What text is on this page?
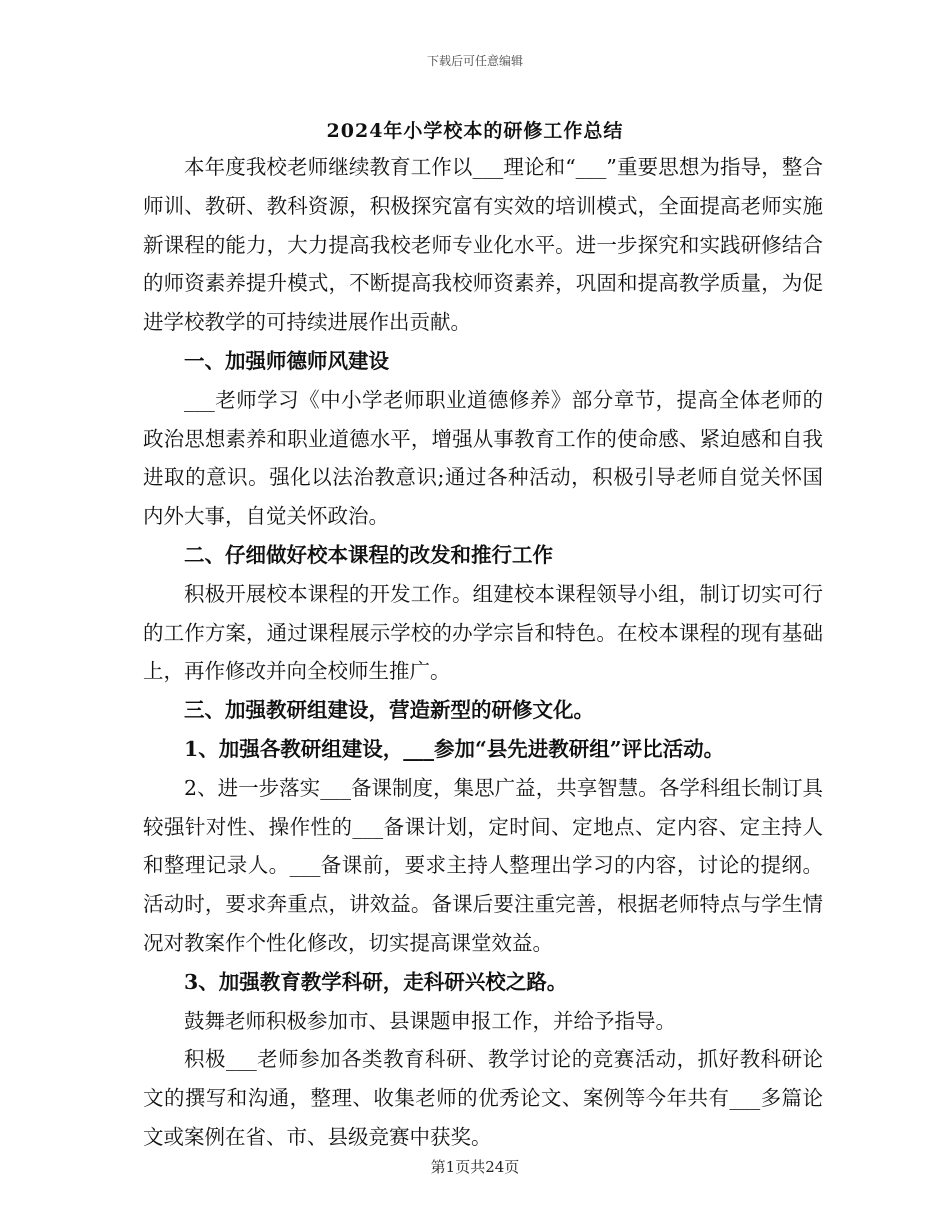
下载后可任意编辑
2024年小学校本的研修工作总结

本年度我校老师继续教育工作以___理论和“___”重要思想为指导，整合师训、教研、教科资源，积极探究富有实效的培训模式，全面提高老师实施新课程的能力，大力提高我校老师专业化水平。进一步探究和实践研修结合的师资素养提升模式，不断提高我校师资素养，巩固和提高教学质量，为促进学校教学的可持续进展作出贡献。

一、加强师德师风建设

___老师学习《中小学老师职业道德修养》部分章节，提高全体老师的政治思想素养和职业道德水平，增强从事教育工作的使命感、紧迫感和自我进取的意识。强化以法治教意识;通过各种活动，积极引导老师自觉关怀国内外大事，自觉关怀政治。

二、仔细做好校本课程的改发和推行工作

积极开展校本课程的开发工作。组建校本课程领导小组，制订切实可行的工作方案，通过课程展示学校的办学宗旨和特色。在校本课程的现有基础上，再作修改并向全校师生推广。

三、加强教研组建设，营造新型的研修文化。

1、加强各教研组建设，___参加“县先进教研组”评比活动。

2、进一步落实___备课制度，集思广益，共享智慧。各学科组长制订具较强针对性、操作性的___备课计划，定时间、定地点、定内容、定主持人和整理记录人。___备课前，要求主持人整理出学习的内容，讨论的提纲。活动时，要求奔重点，讲效益。备课后要注重完善，根据老师特点与学生情况对教案作个性化修改，切实提高课堂效益。

3、加强教育教学科研，走科研兴校之路。

鼓舞老师积极参加市、县课题申报工作，并给予指导。

积极___老师参加各类教育科研、教学讨论的竞赛活动，抓好教科研论文的撰写和沟通，整理、收集老师的优秀论文、案例等今年共有___多篇论文或案例在省、市、县级竞赛中获奖。

第1页共24页
